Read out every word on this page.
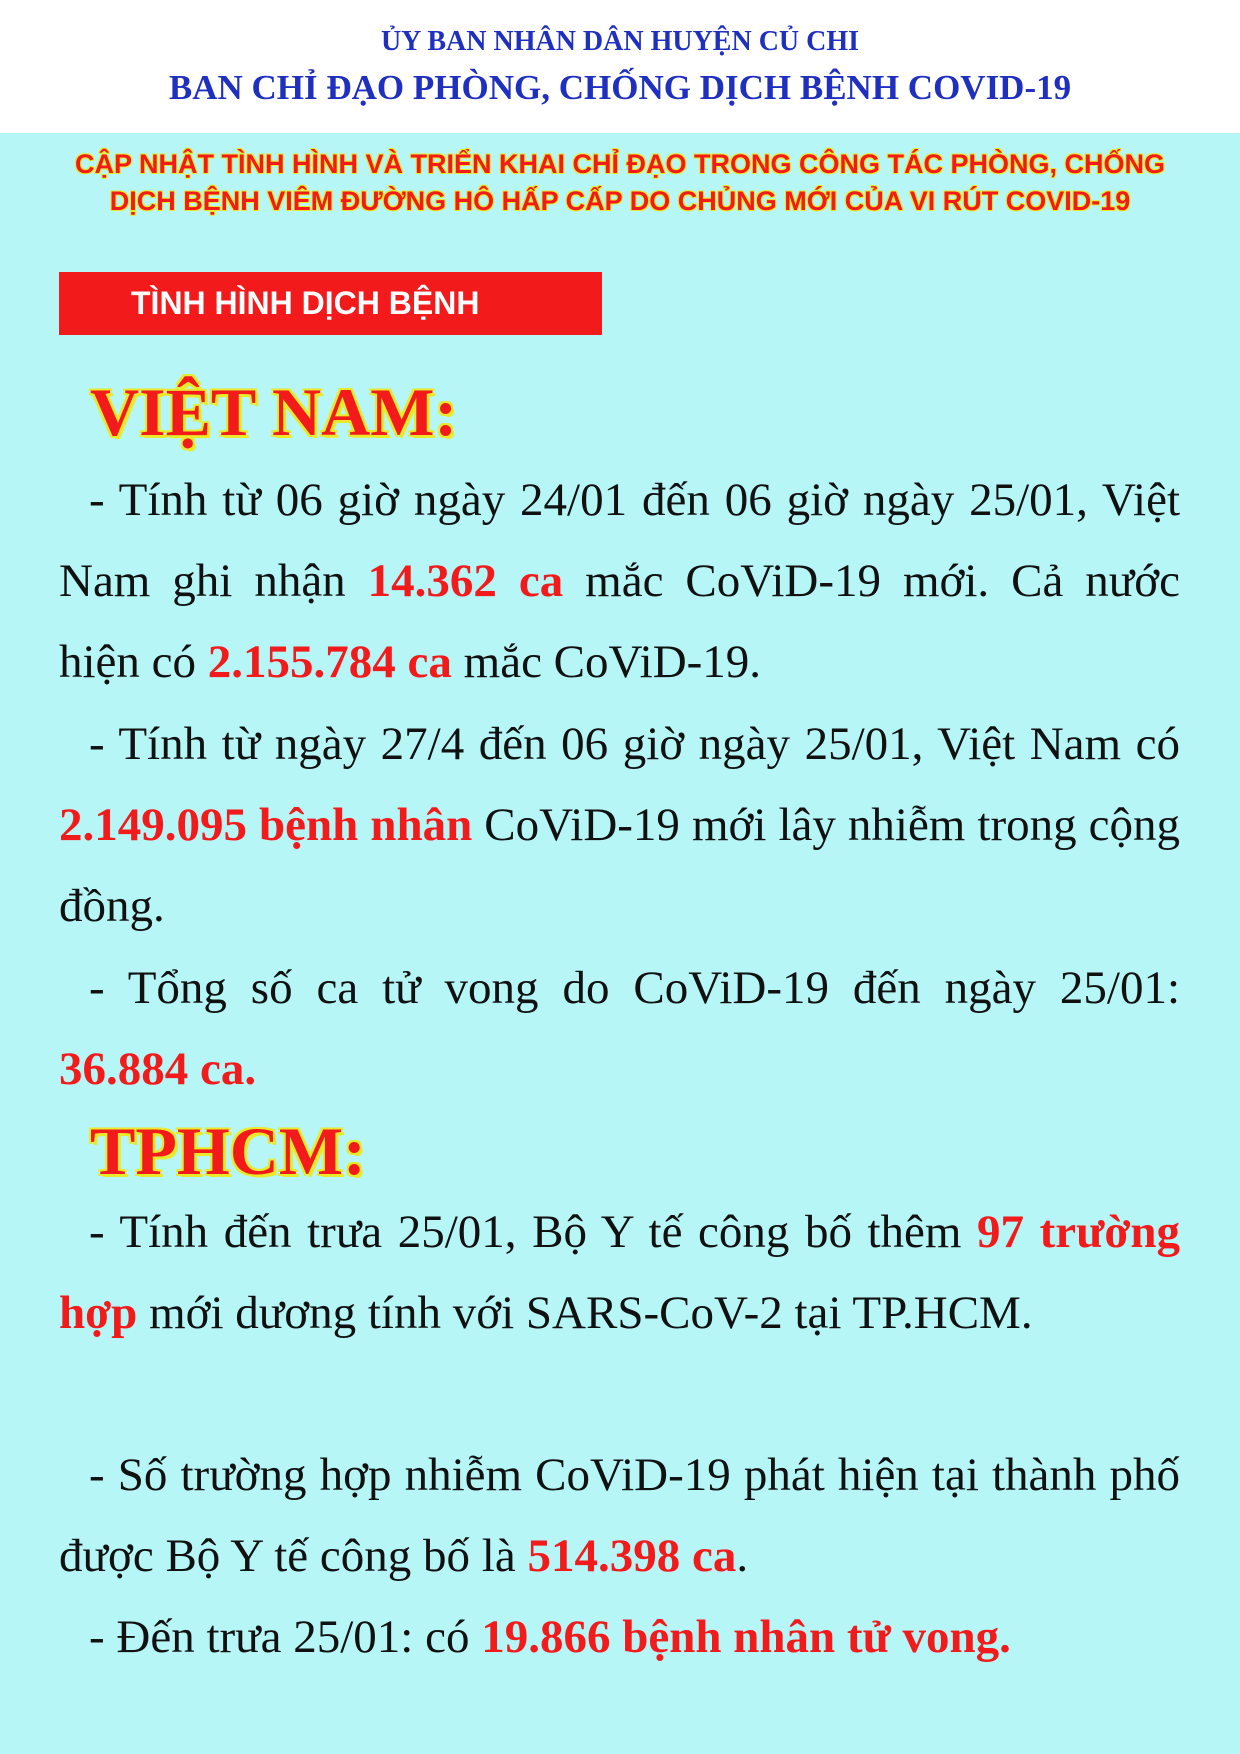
ỦY BAN NHÂN DÂN HUYỆN CỦ CHI
BAN CHỈ ĐẠO PHÒNG, CHỐNG DỊCH BỆNH COVID-19
CẬP NHẬT TÌNH HÌNH VÀ TRIỂN KHAI CHỈ ĐẠO TRONG CÔNG TÁC PHÒNG, CHỐNG
DỊCH BỆNH VIÊM ĐƯỜNG HÔ HẤP CẤP DO CHỦNG MỚI CỦA VI RÚT COVID-19
TÌNH HÌNH DỊCH BỆNH
VIỆT NAM:
- Tính từ 06 giờ ngày 24/01 đến 06 giờ ngày 25/01, Việt Nam ghi nhận 14.362 ca mắc CoViD-19 mới. Cả nước hiện có 2.155.784 ca mắc CoViD-19.
- Tính từ ngày 27/4 đến 06 giờ ngày 25/01, Việt Nam có 2.149.095 bệnh nhân CoViD-19 mới lây nhiễm trong cộng đồng.
- Tổng số ca tử vong do CoViD-19 đến ngày 25/01: 36.884 ca.
TPHCM:
- Tính đến trưa 25/01, Bộ Y tế công bố thêm 97 trường hợp mới dương tính với SARS-CoV-2 tại TP.HCM.
- Số trường hợp nhiễm CoViD-19 phát hiện tại thành phố được Bộ Y tế công bố là 514.398 ca.
- Đến trưa 25/01: có 19.866 bệnh nhân tử vong.
